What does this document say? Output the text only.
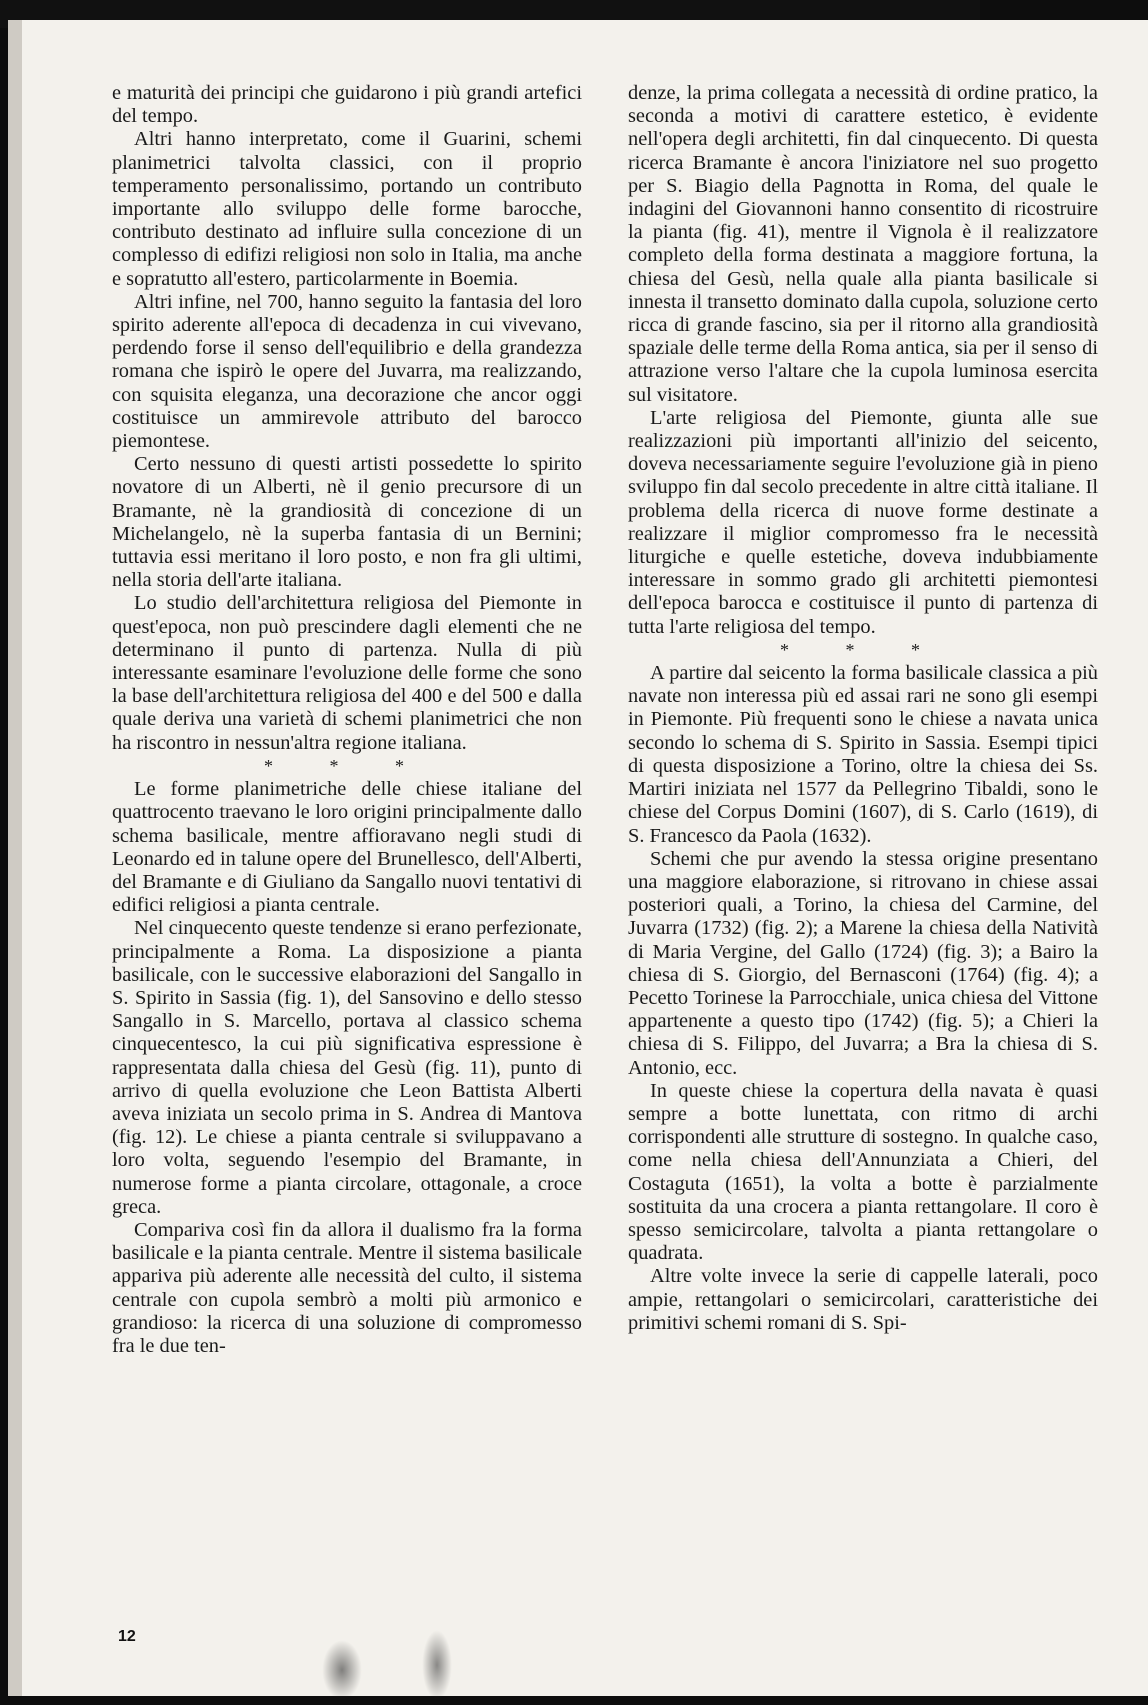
e maturità dei principi che guidarono i più grandi artefici del tempo.

Altri hanno interpretato, come il Guarini, schemi planimetrici talvolta classici, con il proprio temperamento personalissimo, portando un contributo importante allo sviluppo delle forme barocche, contributo destinato ad influire sulla concezione di un complesso di edifizi religiosi non solo in Italia, ma anche e sopratutto all'estero, particolarmente in Boemia.

Altri infine, nel 700, hanno seguito la fantasia del loro spirito aderente all'epoca di decadenza in cui vivevano, perdendo forse il senso dell'equilibrio e della grandezza romana che ispirò le opere del Juvarra, ma realizzando, con squisita eleganza, una decorazione che ancor oggi costituisce un ammirevole attributo del barocco piemontese.

Certo nessuno di questi artisti possedette lo spirito novatore di un Alberti, nè il genio precursore di un Bramante, nè la grandiosità di concezione di un Michelangelo, nè la superba fantasia di un Bernini; tuttavia essi meritano il loro posto, e non fra gli ultimi, nella storia dell'arte italiana.

Lo studio dell'architettura religiosa del Piemonte in quest'epoca, non può prescindere dagli elementi che ne determinano il punto di partenza. Nulla di più interessante esaminare l'evoluzione delle forme che sono la base dell'architettura religiosa del 400 e del 500 e dalla quale deriva una varietà di schemi planimetrici che non ha riscontro in nessun'altra regione italiana.

* * *

Le forme planimetriche delle chiese italiane del quattrocento traevano le loro origini principalmente dallo schema basilicale, mentre affioravano negli studi di Leonardo ed in talune opere del Brunellesco, dell'Alberti, del Bramante e di Giuliano da Sangallo nuovi tentativi di edifici religiosi a pianta centrale.

Nel cinquecento queste tendenze si erano perfezionate, principalmente a Roma. La disposizione a pianta basilicale, con le successive elaborazioni del Sangallo in S. Spirito in Sassia (fig. 1), del Sansovino e dello stesso Sangallo in S. Marcello, portava al classico schema cinquecentesco, la cui più significativa espressione è rappresentata dalla chiesa del Gesù (fig. 11), punto di arrivo di quella evoluzione che Leon Battista Alberti aveva iniziata un secolo prima in S. Andrea di Mantova (fig. 12). Le chiese a pianta centrale si sviluppavano a loro volta, seguendo l'esempio del Bramante, in numerose forme a pianta circolare, ottagonale, a croce greca.

Compariva così fin da allora il dualismo fra la forma basilicale e la pianta centrale. Mentre il sistema basilicale appariva più aderente alle necessità del culto, il sistema centrale con cupola sembrò a molti più armonico e grandioso: la ricerca di una soluzione di compromesso fra le due ten-

denze, la prima collegata a necessità di ordine pratico, la seconda a motivi di carattere estetico, è evidente nell'opera degli architetti, fin dal cinquecento. Di questa ricerca Bramante è ancora l'iniziatore nel suo progetto per S. Biagio della Pagnotta in Roma, del quale le indagini del Giovannoni hanno consentito di ricostruire la pianta (fig. 41), mentre il Vignola è il realizzatore completo della forma destinata a maggiore fortuna, la chiesa del Gesù, nella quale alla pianta basilicale si innesta il transetto dominato dalla cupola, soluzione certo ricca di grande fascino, sia per il ritorno alla grandiosità spaziale delle terme della Roma antica, sia per il senso di attrazione verso l'altare che la cupola luminosa esercita sul visitatore.

L'arte religiosa del Piemonte, giunta alle sue realizzazioni più importanti all'inizio del seicento, doveva necessariamente seguire l'evoluzione già in pieno sviluppo fin dal secolo precedente in altre città italiane. Il problema della ricerca di nuove forme destinate a realizzare il miglior compromesso fra le necessità liturgiche e quelle estetiche, doveva indubbiamente interessare in sommo grado gli architetti piemontesi dell'epoca barocca e costituisce il punto di partenza di tutta l'arte religiosa del tempo.

* * *

A partire dal seicento la forma basilicale classica a più navate non interessa più ed assai rari ne sono gli esempi in Piemonte. Più frequenti sono le chiese a navata unica secondo lo schema di S. Spirito in Sassia. Esempi tipici di questa disposizione a Torino, oltre la chiesa dei Ss. Martiri iniziata nel 1577 da Pellegrino Tibaldi, sono le chiese del Corpus Domini (1607), di S. Carlo (1619), di S. Francesco da Paola (1632).

Schemi che pur avendo la stessa origine presentano una maggiore elaborazione, si ritrovano in chiese assai posteriori quali, a Torino, la chiesa del Carmine, del Juvarra (1732) (fig. 2); a Marene la chiesa della Natività di Maria Vergine, del Gallo (1724) (fig. 3); a Bairo la chiesa di S. Giorgio, del Bernasconi (1764) (fig. 4); a Pecetto Torinese la Parrocchiale, unica chiesa del Vittone appartenente a questo tipo (1742) (fig. 5); a Chieri la chiesa di S. Filippo, del Juvarra; a Bra la chiesa di S. Antonio, ecc.

In queste chiese la copertura della navata è quasi sempre a botte lunettata, con ritmo di archi corrispondenti alle strutture di sostegno. In qualche caso, come nella chiesa dell'Annunziata a Chieri, del Costaguta (1651), la volta a botte è parzialmente sostituita da una crocera a pianta rettangolare. Il coro è spesso semicircolare, talvolta a pianta rettangolare o quadrata.

Altre volte invece la serie di cappelle laterali, poco ampie, rettangolari o semicircolari, caratteristiche dei primitivi schemi romani di S. Spi-

12
